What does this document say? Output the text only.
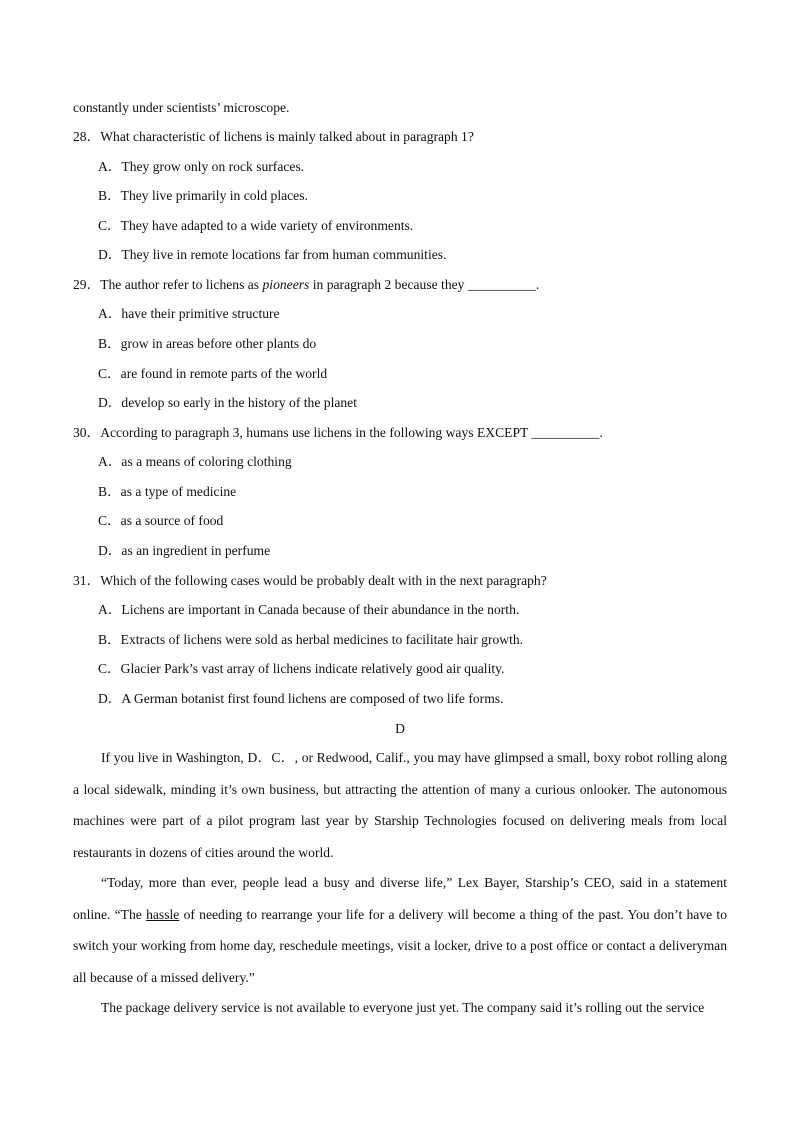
constantly under scientists’ microscope.
28．What characteristic of lichens is mainly talked about in paragraph 1?
A．They grow only on rock surfaces.
B．They live primarily in cold places.
C．They have adapted to a wide variety of environments.
D．They live in remote locations far from human communities.
29．The author refer to lichens as pioneers in paragraph 2 because they __________.
A．have their primitive structure
B．grow in areas before other plants do
C．are found in remote parts of the world
D．develop so early in the history of the planet
30．According to paragraph 3, humans use lichens in the following ways EXCEPT __________.
A．as a means of coloring clothing
B．as a type of medicine
C．as a source of food
D．as an ingredient in perfume
31．Which of the following cases would be probably dealt with in the next paragraph?
A．Lichens are important in Canada because of their abundance in the north.
B．Extracts of lichens were sold as herbal medicines to facilitate hair growth.
C．Glacier Park’s vast array of lichens indicate relatively good air quality.
D．A German botanist first found lichens are composed of two life forms.
D
If you live in Washington, D．C．, or Redwood, Calif., you may have glimpsed a small, boxy robot rolling along a local sidewalk, minding it’s own business, but attracting the attention of many a curious onlooker. The autonomous machines were part of a pilot program last year by Starship Technologies focused on delivering meals from local restaurants in dozens of cities around the world.
“Today, more than ever, people lead a busy and diverse life,” Lex Bayer, Starship’s CEO, said in a statement online. “The hassle of needing to rearrange your life for a delivery will become a thing of the past. You don’t have to switch your working from home day, reschedule meetings, visit a locker, drive to a post office or contact a deliveryman all because of a missed delivery.”
The package delivery service is not available to everyone just yet. The company said it’s rolling out the service
